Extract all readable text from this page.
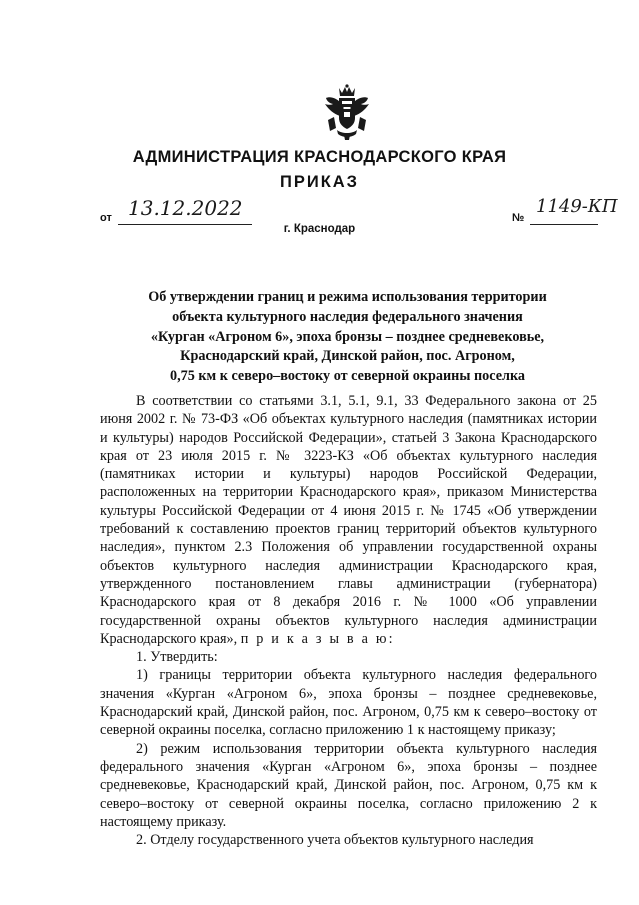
АДМИНИСТРАЦИЯ КРАСНОДАРСКОГО КРАЯ
ПРИКАЗ
от 13.12.2022
г. Краснодар
№
1149-КП
Об утверждении границ и режима использования территории
объекта культурного наследия федерального значения
«Курган «Агроном 6», эпоха бронзы – позднее средневековье,
Краснодарский край, Динской район, пос. Агроном,
0,75 км к северо–востоку от северной окраины поселка

В соответствии со статьями 3.1, 5.1, 9.1, 33 Федерального закона от 25 июня 2002 г. № 73-ФЗ «Об объектах культурного наследия (памятниках истории и культуры) народов Российской Федерации», статьей 3 Закона Краснодарского края от 23 июля 2015 г. № 3223-КЗ «Об объектах культурного наследия (памятниках истории и культуры) народов Российской Федерации, расположенных на территории Краснодарского края», приказом Министерства культуры Российской Федерации от 4 июня 2015 г. № 1745 «Об утверждении требований к составлению проектов границ территорий объектов культурного наследия», пунктом 2.3 Положения об управлении государственной охраны объектов культурного наследия администрации Краснодарского края, утвержденного постановлением главы администрации (губернатора) Краснодарского края от 8 декабря 2016 г. № 1000 «Об управлении государственной охраны объектов культурного наследия администрации Краснодарского края», п р и к а з ы в а ю:

1. Утвердить:

1) границы территории объекта культурного наследия федерального значения «Курган «Агроном 6», эпоха бронзы – позднее средневековье, Краснодарский край, Динской район, пос. Агроном, 0,75 км к северо–востоку от северной окраины поселка, согласно приложению 1 к настоящему приказу;

2) режим использования территории объекта культурного наследия федерального значения «Курган «Агроном 6», эпоха бронзы – позднее средневековье, Краснодарский край, Динской район, пос. Агроном, 0,75 км к северо–востоку от северной окраины поселка, согласно приложению 2 к настоящему приказу.

2. Отделу государственного учета объектов культурного наследия
